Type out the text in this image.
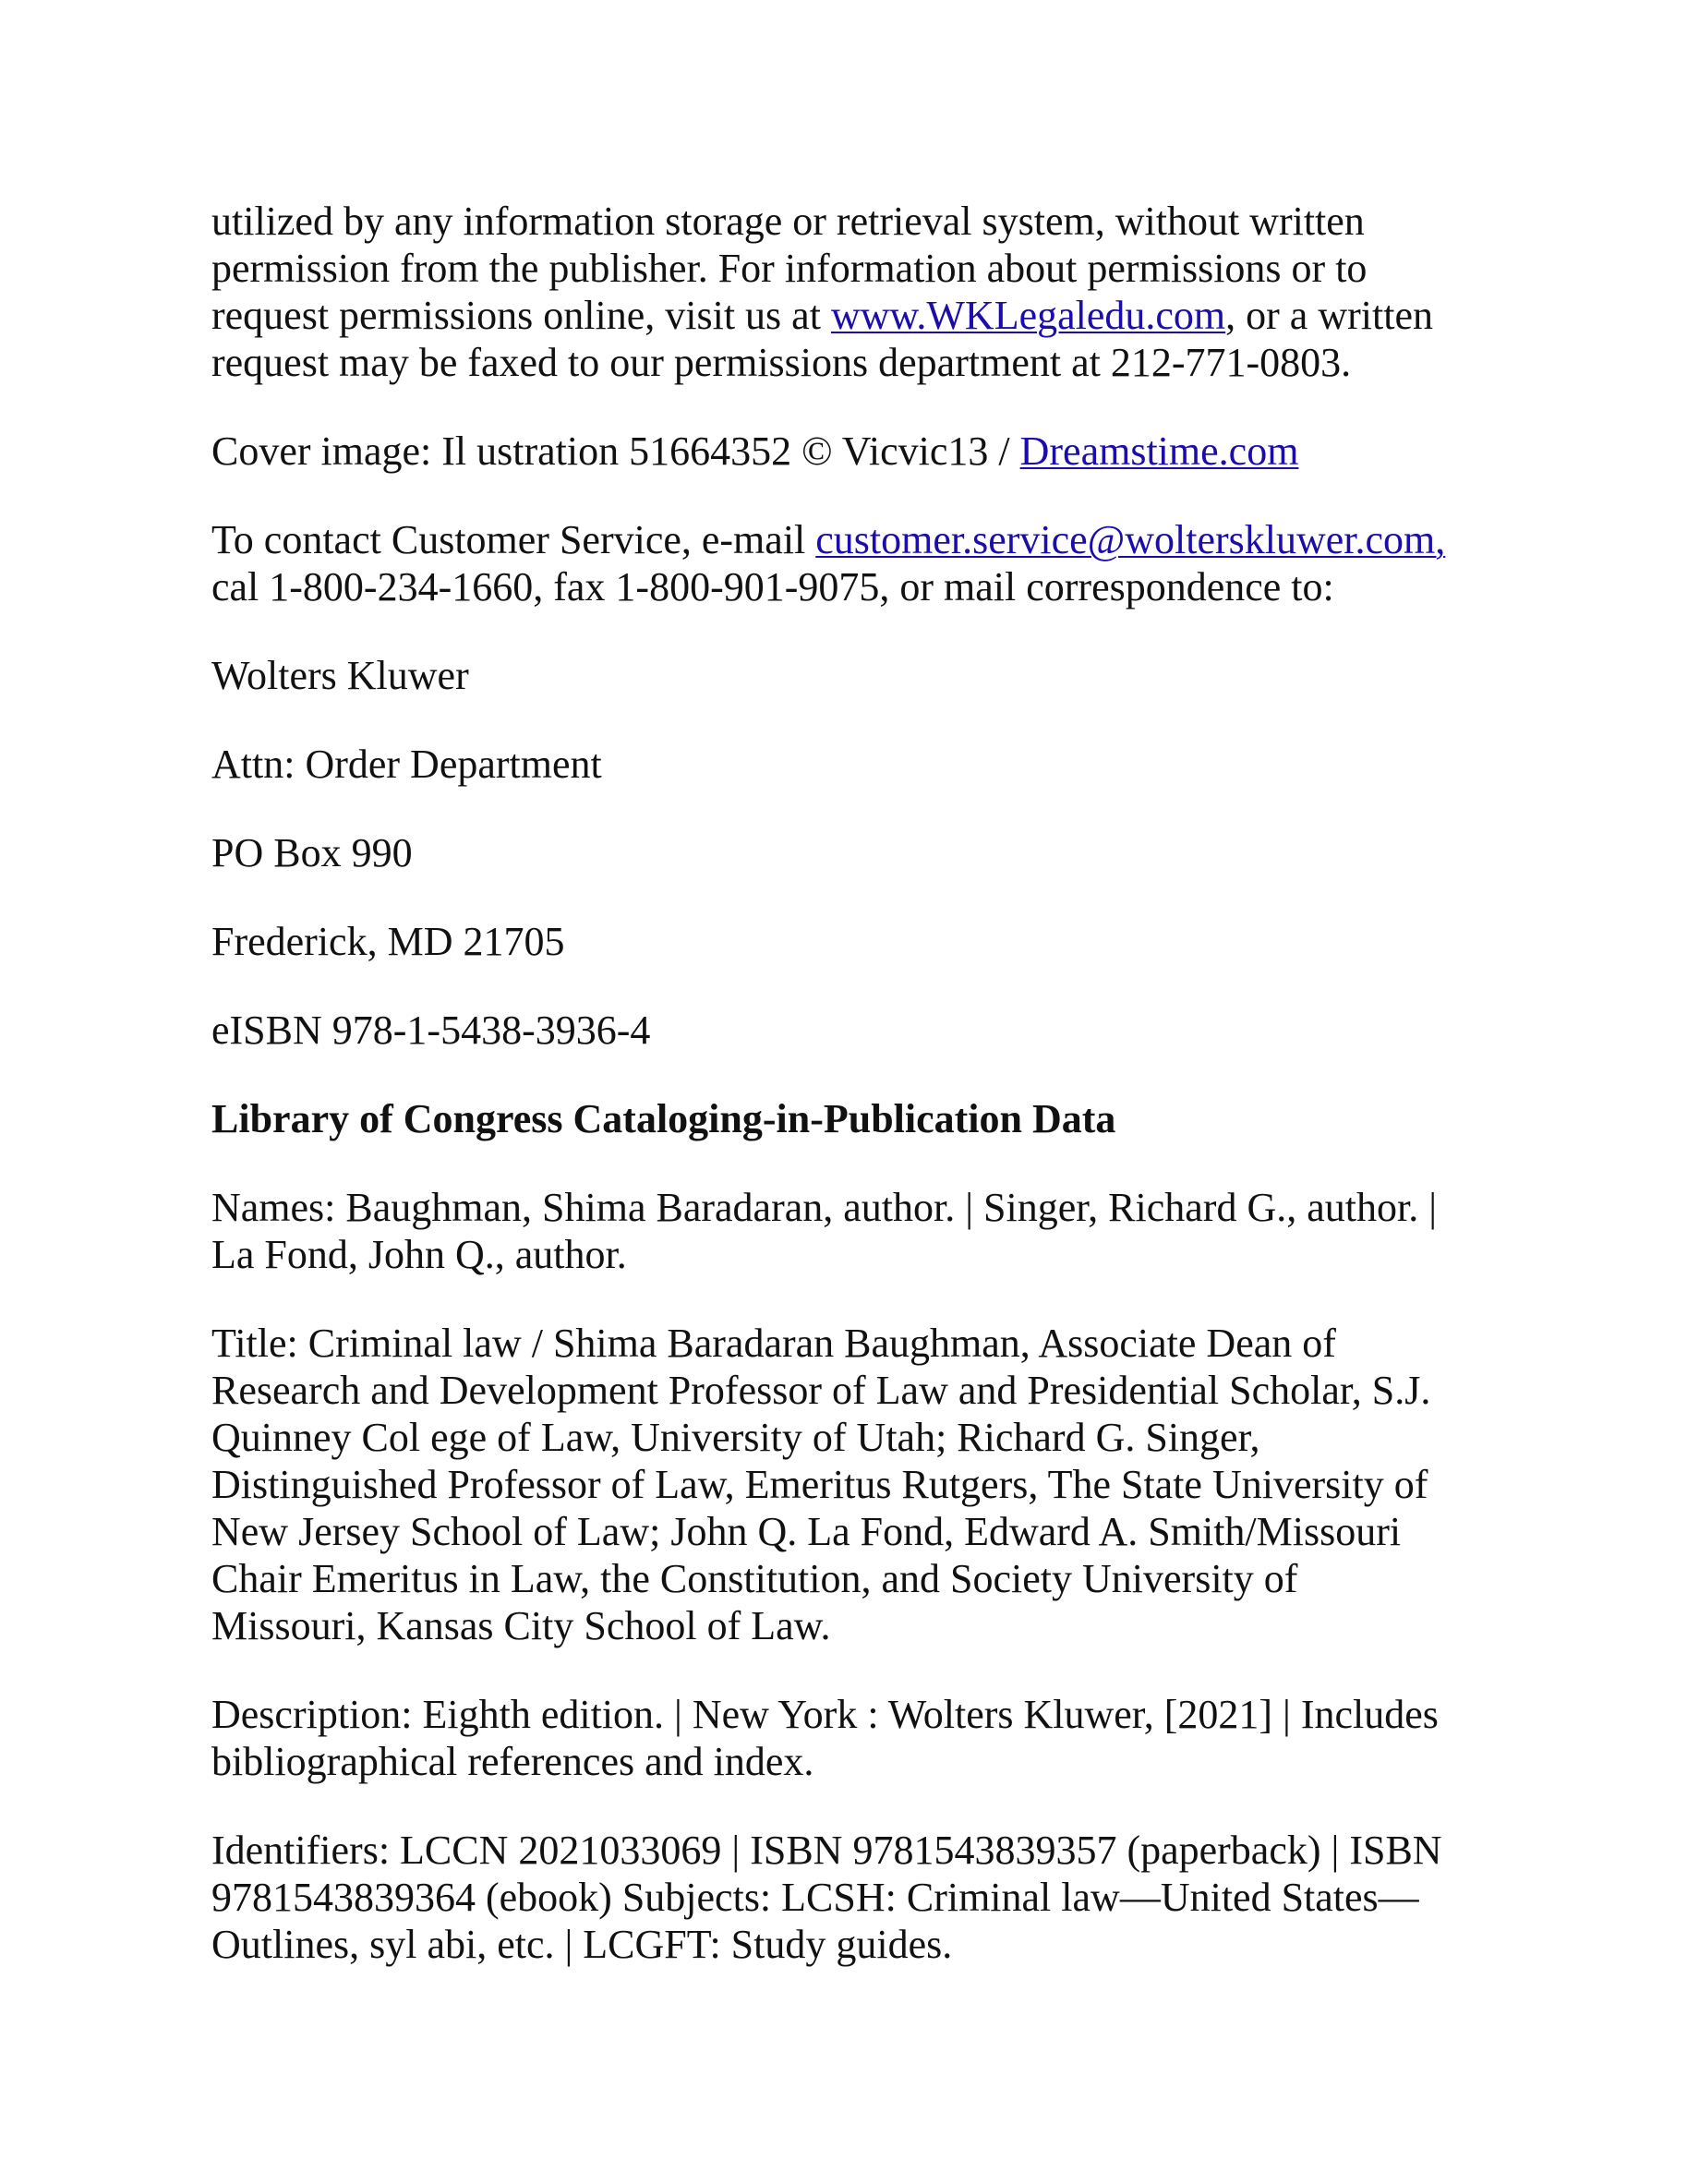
utilized by any information storage or retrieval system, without written
permission from the publisher. For information about permissions or to
request permissions online, visit us at www.WKLegaledu.com, or a written
request may be faxed to our permissions department at 212-771-0803.

Cover image: Il ustration 51664352 © Vicvic13 / Dreamstime.com

To contact Customer Service, e-mail customer.service@wolterskluwer.com,
cal 1-800-234-1660, fax 1-800-901-9075, or mail correspondence to:

Wolters Kluwer

Attn: Order Department

PO Box 990

Frederick, MD 21705

eISBN 978-1-5438-3936-4

Library of Congress Cataloging-in-Publication Data

Names: Baughman, Shima Baradaran, author. | Singer, Richard G., author. |
La Fond, John Q., author.

Title: Criminal law / Shima Baradaran Baughman, Associate Dean of
Research and Development Professor of Law and Presidential Scholar, S.J.
Quinney Col ege of Law, University of Utah; Richard G. Singer,
Distinguished Professor of Law, Emeritus Rutgers, The State University of
New Jersey School of Law; John Q. La Fond, Edward A. Smith/Missouri
Chair Emeritus in Law, the Constitution, and Society University of
Missouri, Kansas City School of Law.

Description: Eighth edition. | New York : Wolters Kluwer, [2021] | Includes
bibliographical references and index.

Identifiers: LCCN 2021033069 | ISBN 9781543839357 (paperback) | ISBN
9781543839364 (ebook) Subjects: LCSH: Criminal law—United States—
Outlines, syl abi, etc. | LCGFT: Study guides.
